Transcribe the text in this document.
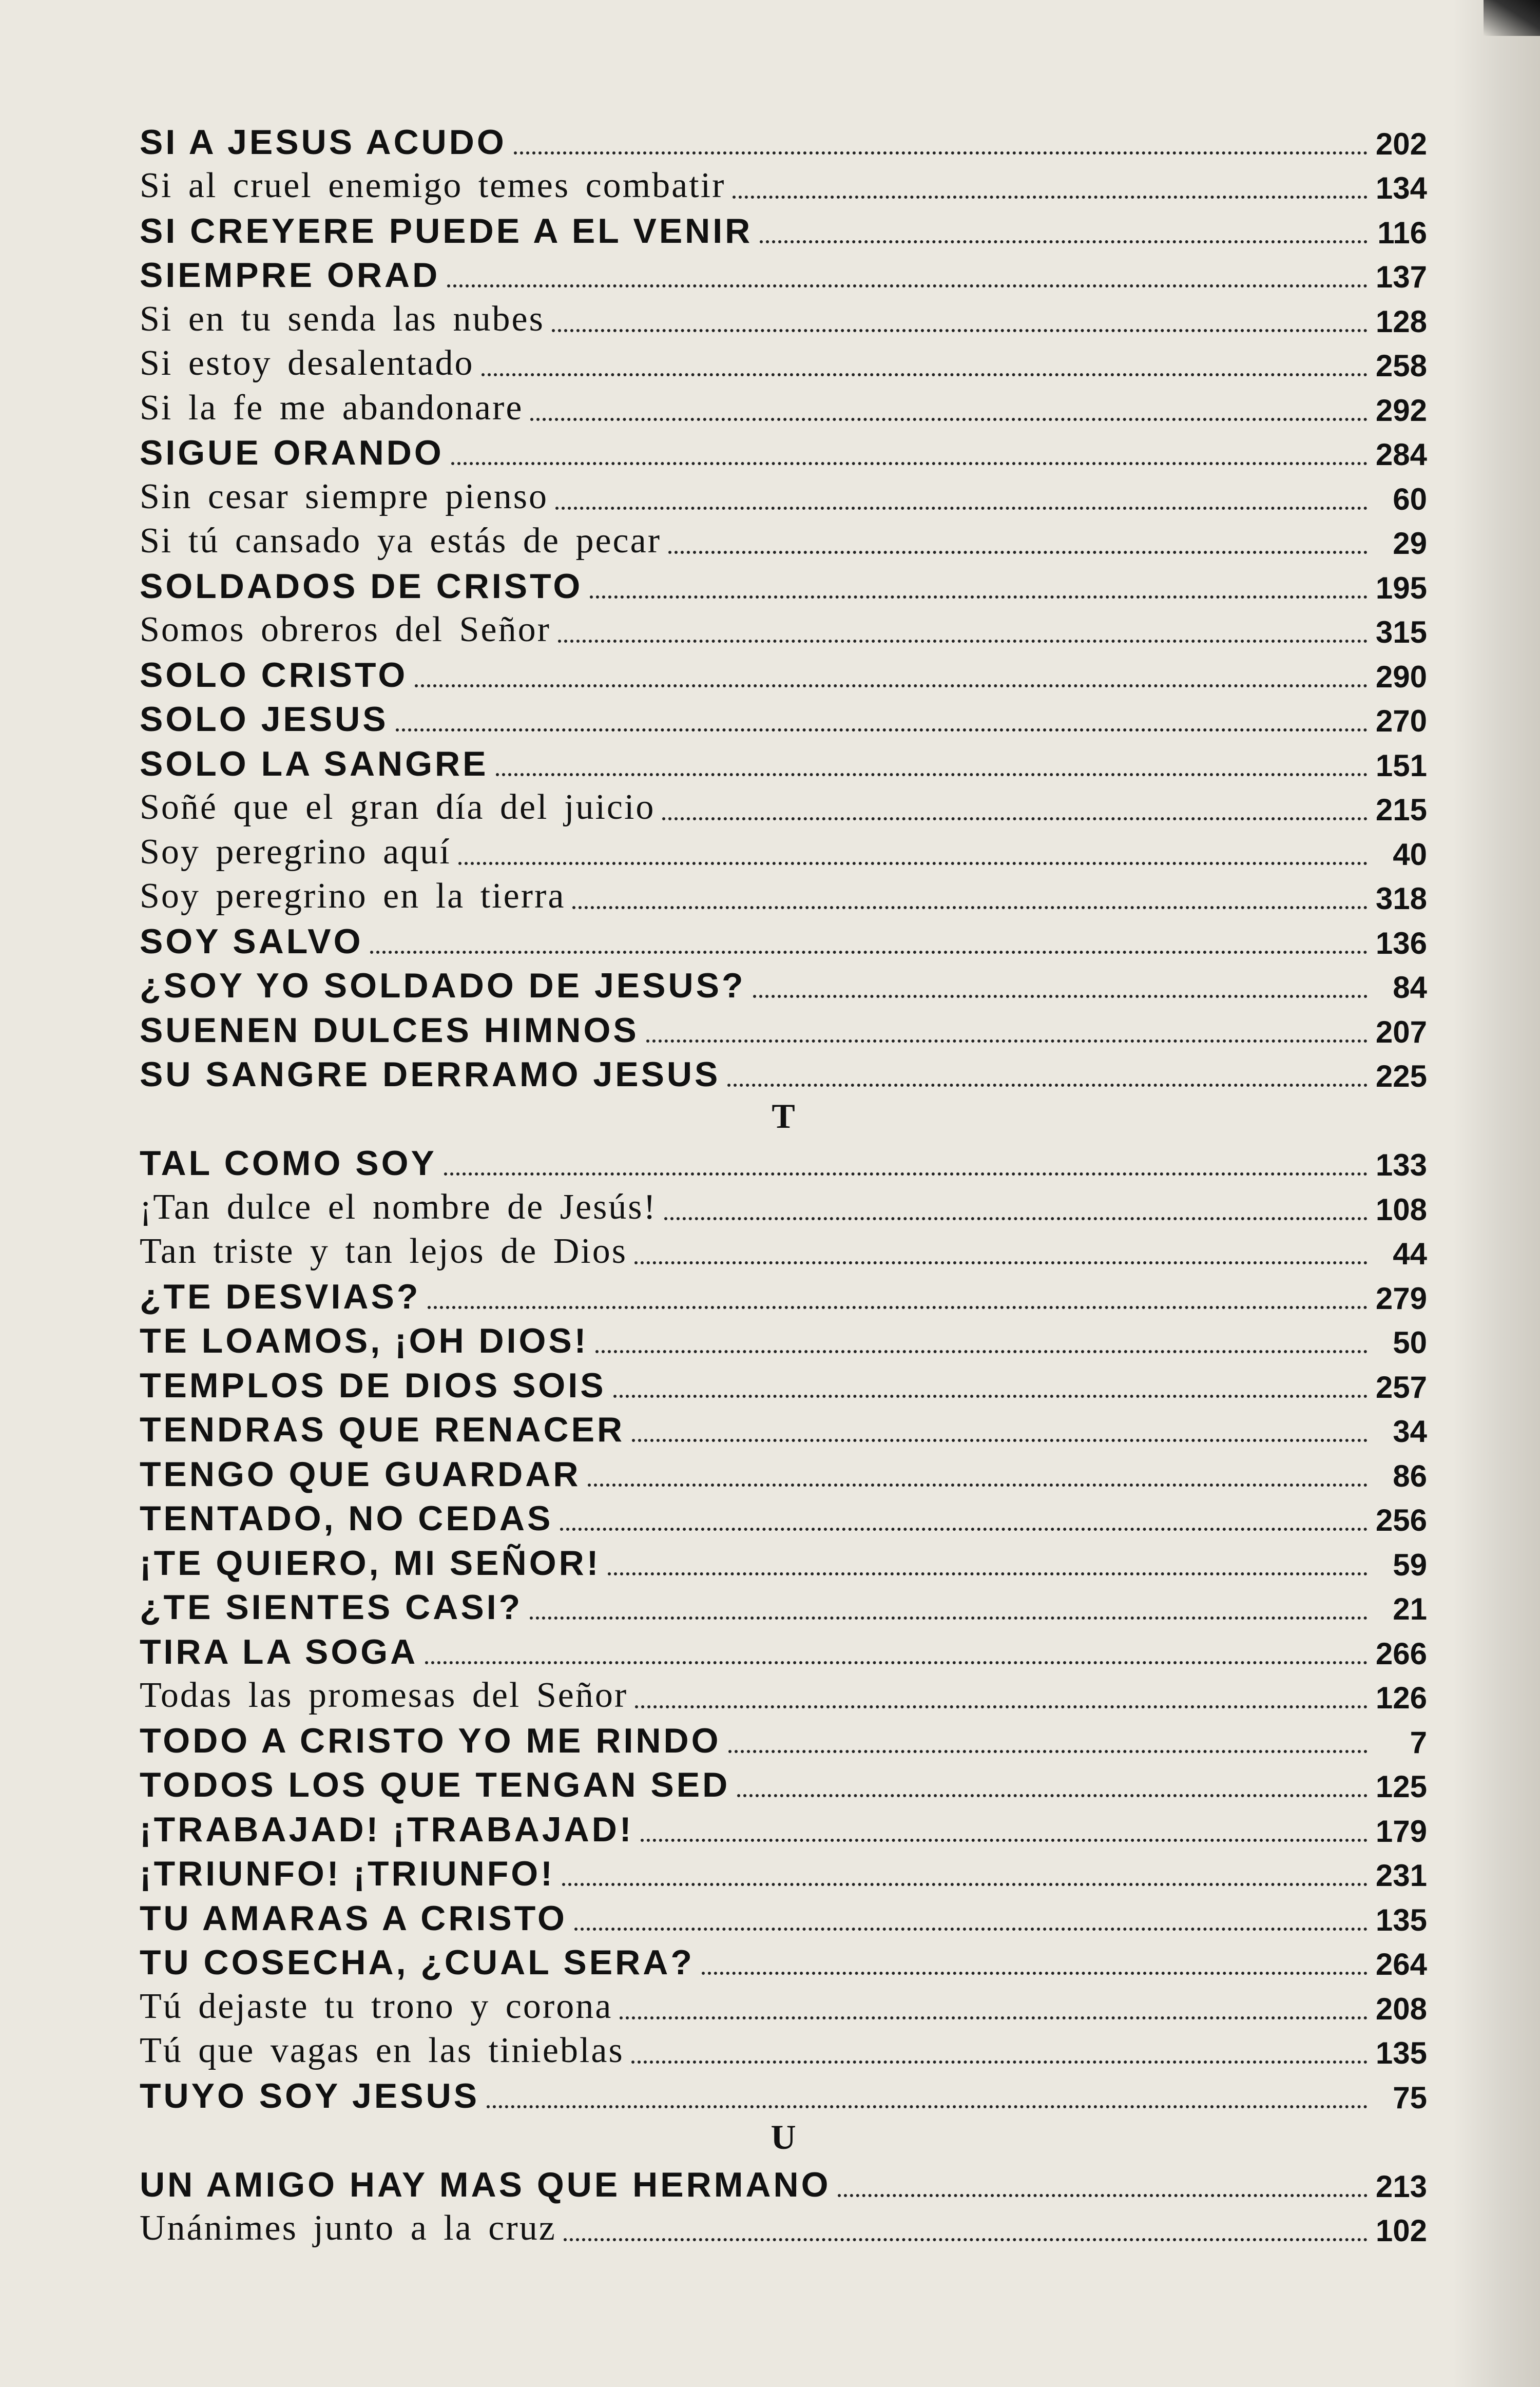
SI A JESUS ACUDO	202
Si al cruel enemigo temes combatir	134
SI CREYERE PUEDE A EL VENIR	116
SIEMPRE ORAD	137
Si en tu senda las nubes	128
Si estoy desalentado	258
Si la fe me abandonare	292
SIGUE ORANDO	284
Sin cesar siempre pienso	60
Si tú cansado ya estás de pecar	29
SOLDADOS DE CRISTO	195
Somos obreros del Señor	315
SOLO CRISTO	290
SOLO JESUS	270
SOLO LA SANGRE	151
Soñé que el gran día del juicio	215
Soy peregrino aquí	40
Soy peregrino en la tierra	318
SOY SALVO	136
¿SOY YO SOLDADO DE JESUS?	84
SUENEN DULCES HIMNOS	207
SU SANGRE DERRAMO JESUS	225
T
TAL COMO SOY	133
¡Tan dulce el nombre de Jesús!	108
Tan triste y tan lejos de Dios	44
¿TE DESVIAS?	279
TE LOAMOS, ¡OH DIOS!	50
TEMPLOS DE DIOS SOIS	257
TENDRAS QUE RENACER	34
TENGO QUE GUARDAR	86
TENTADO, NO CEDAS	256
¡TE QUIERO, MI SEÑOR!	59
¿TE SIENTES CASI?	21
TIRA LA SOGA	266
Todas las promesas del Señor	126
TODO A CRISTO YO ME RINDO	7
TODOS LOS QUE TENGAN SED	125
¡TRABAJAD! ¡TRABAJAD!	179
¡TRIUNFO! ¡TRIUNFO!	231
TU AMARAS A CRISTO	135
TU COSECHA, ¿CUAL SERA?	264
Tú dejaste tu trono y corona	208
Tú que vagas en las tinieblas	135
TUYO SOY JESUS	75
U
UN AMIGO HAY MAS QUE HERMANO	213
Unánimes junto a la cruz	102
